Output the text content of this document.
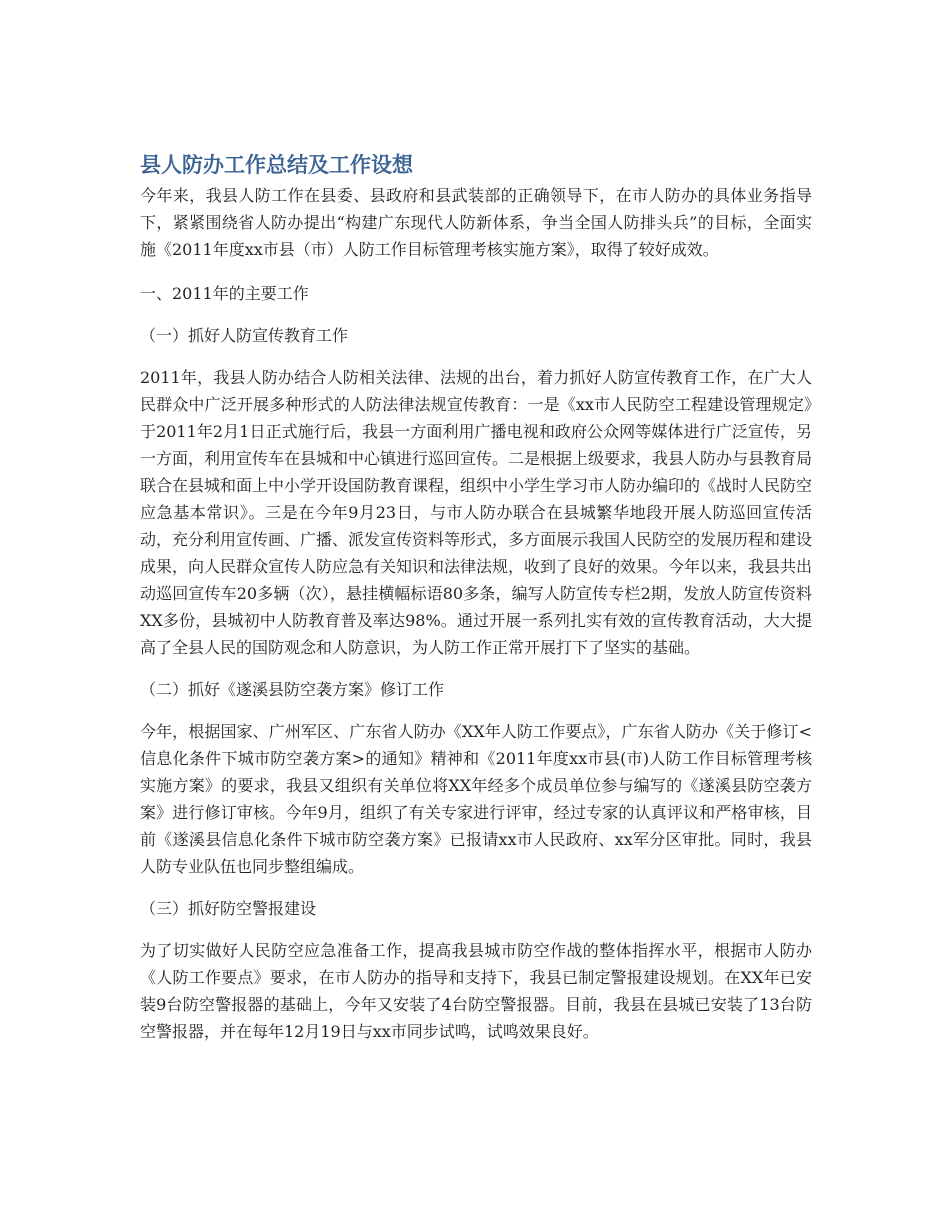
县人防办工作总结及工作设想

今年来，我县人防工作在县委、县政府和县武装部的正确领导下，在市人防办的具体业务指导下，紧紧围绕省人防办提出“构建广东现代人防新体系，争当全国人防排头兵”的目标，全面实施《2011年度xx市县（市）人防工作目标管理考核实施方案》，取得了较好成效。

一、2011年的主要工作

（一）抓好人防宣传教育工作

2011年，我县人防办结合人防相关法律、法规的出台，着力抓好人防宣传教育工作，在广大人民群众中广泛开展多种形式的人防法律法规宣传教育：一是《xx市人民防空工程建设管理规定》于2011年2月1日正式施行后，我县一方面利用广播电视和政府公众网等媒体进行广泛宣传，另一方面，利用宣传车在县城和中心镇进行巡回宣传。二是根据上级要求，我县人防办与县教育局联合在县城和面上中小学开设国防教育课程，组织中小学生学习市人防办编印的《战时人民防空应急基本常识》。三是在今年9月23日，与市人防办联合在县城繁华地段开展人防巡回宣传活动，充分利用宣传画、广播、派发宣传资料等形式，多方面展示我国人民防空的发展历程和建设成果，向人民群众宣传人防应急有关知识和法律法规，收到了良好的效果。今年以来，我县共出动巡回宣传车20多辆（次），悬挂横幅标语80多条，编写人防宣传专栏2期，发放人防宣传资料XX多份，县城初中人防教育普及率达98%。通过开展一系列扎实有效的宣传教育活动，大大提高了全县人民的国防观念和人防意识，为人防工作正常开展打下了坚实的基础。

（二）抓好《遂溪县防空袭方案》修订工作

今年，根据国家、广州军区、广东省人防办《XX年人防工作要点》，广东省人防办《关于修订<信息化条件下城市防空袭方案>的通知》精神和《2011年度xx市县(市)人防工作目标管理考核实施方案》的要求，我县又组织有关单位将XX年经多个成员单位参与编写的《遂溪县防空袭方案》进行修订审核。今年9月，组织了有关专家进行评审，经过专家的认真评议和严格审核，目前《遂溪县信息化条件下城市防空袭方案》已报请xx市人民政府、xx军分区审批。同时，我县人防专业队伍也同步整组编成。

（三）抓好防空警报建设

为了切实做好人民防空应急准备工作，提高我县城市防空作战的整体指挥水平，根据市人防办《人防工作要点》要求，在市人防办的指导和支持下，我县已制定警报建设规划。在XX年已安装9台防空警报器的基础上，今年又安装了4台防空警报器。目前，我县在县城已安装了13台防空警报器，并在每年12月19日与xx市同步试鸣，试鸣效果良好。
